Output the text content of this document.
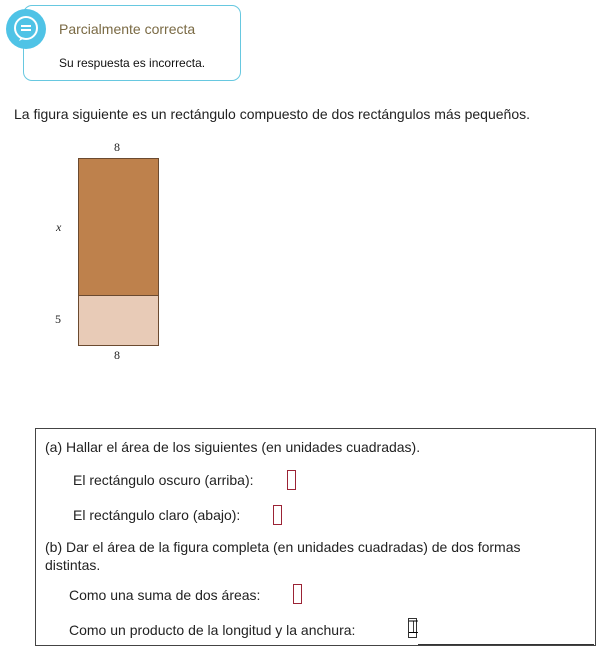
Parcialmente correcta
Su respuesta es incorrecta.
La figura siguiente es un rectángulo compuesto de dos rectángulos más pequeños.
8
x
5
8
(a) Hallar el área de los siguientes (en unidades cuadradas).
El rectángulo oscuro (arriba):
El rectángulo claro (abajo):
(b) Dar el área de la figura completa (en unidades cuadradas) de dos formas
distintas.
Como una suma de dos áreas:
Como un producto de la longitud y la anchura:	⌶
